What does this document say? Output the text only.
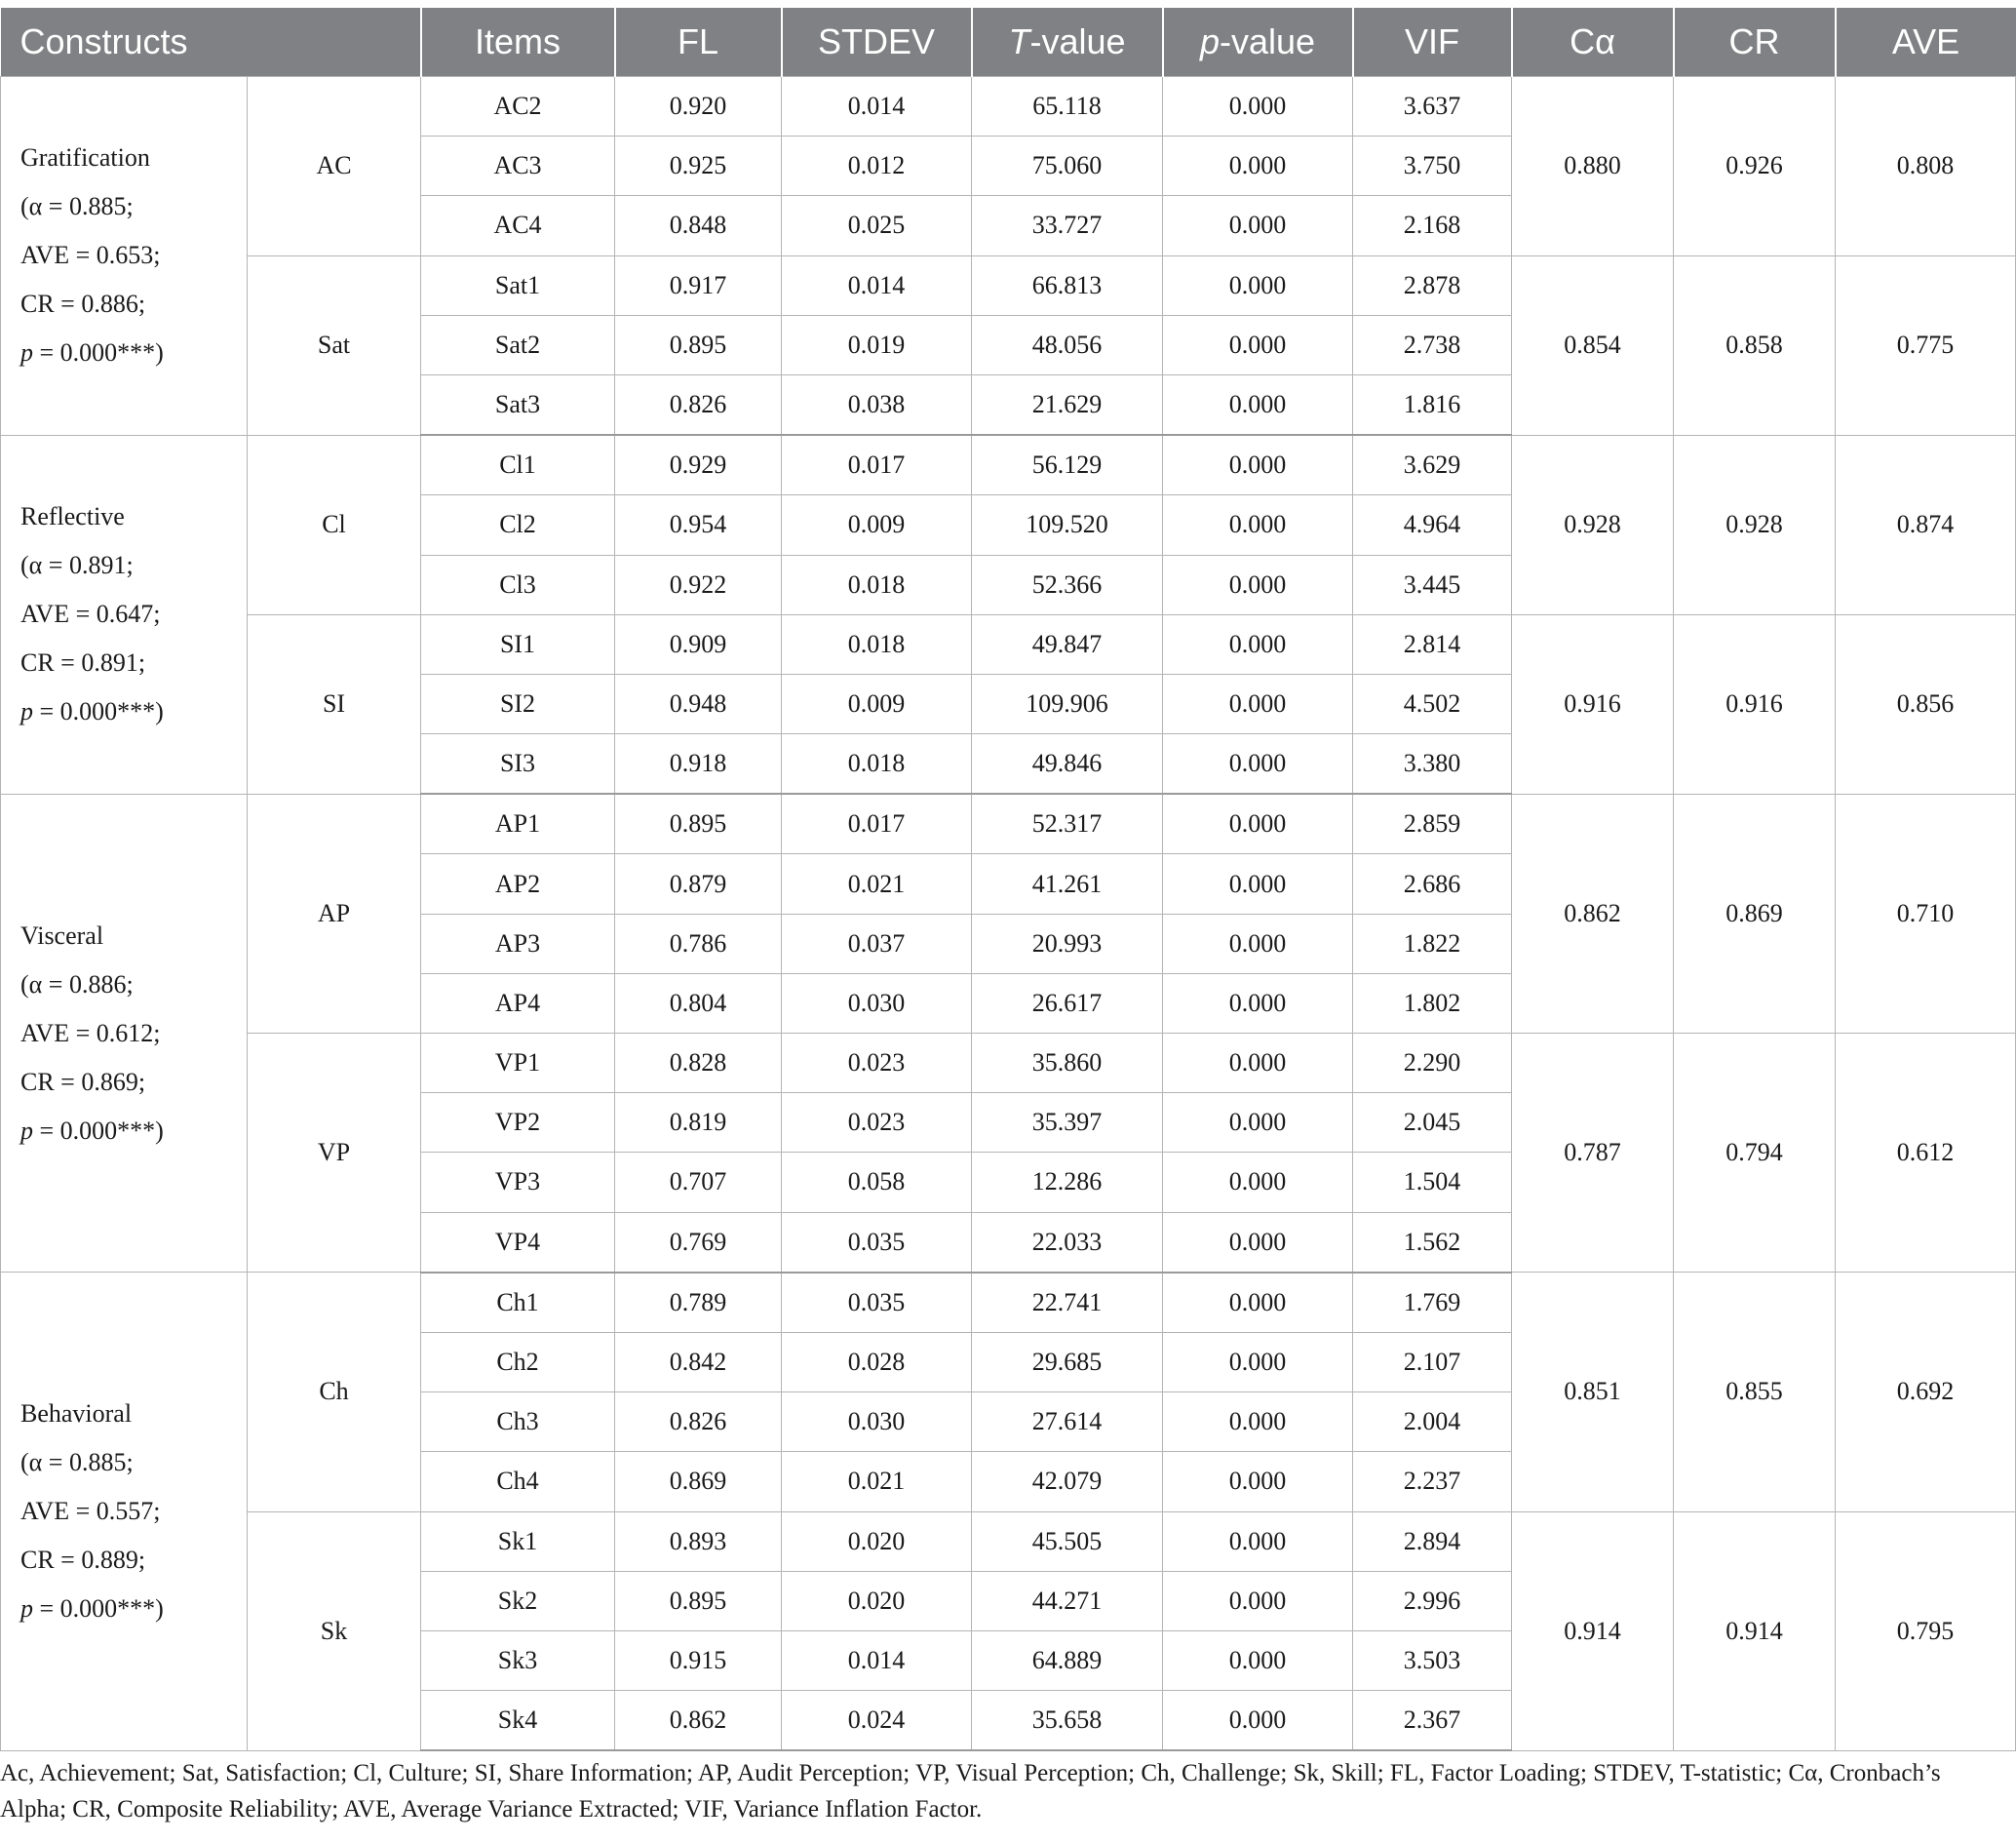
Constructs		Items	FL	STDEV	T-value	p-value	VIF	Cα	CR	AVE

Gratification
(α = 0.885;
AVE = 0.653;
CR = 0.886;
p = 0.000***)	AC	AC2	0.920	0.014	65.118	0.000	3.637	0.880	0.926	0.808
		AC3	0.925	0.012	75.060	0.000	3.750			
		AC4	0.848	0.025	33.727	0.000	2.168			
	Sat	Sat1	0.917	0.014	66.813	0.000	2.878	0.854	0.858	0.775
		Sat2	0.895	0.019	48.056	0.000	2.738			
		Sat3	0.826	0.038	21.629	0.000	1.816			

Reflective
(α = 0.891;
AVE = 0.647;
CR = 0.891;
p = 0.000***)	Cl	Cl1	0.929	0.017	56.129	0.000	3.629	0.928	0.928	0.874
		Cl2	0.954	0.009	109.520	0.000	4.964			
		Cl3	0.922	0.018	52.366	0.000	3.445			
	SI	SI1	0.909	0.018	49.847	0.000	2.814	0.916	0.916	0.856
		SI2	0.948	0.009	109.906	0.000	4.502			
		SI3	0.918	0.018	49.846	0.000	3.380			

Visceral
(α = 0.886;
AVE = 0.612;
CR = 0.869;
p = 0.000***)	AP	AP1	0.895	0.017	52.317	0.000	2.859	0.862	0.869	0.710
		AP2	0.879	0.021	41.261	0.000	2.686			
		AP3	0.786	0.037	20.993	0.000	1.822			
		AP4	0.804	0.030	26.617	0.000	1.802			
	VP	VP1	0.828	0.023	35.860	0.000	2.290	0.787	0.794	0.612
		VP2	0.819	0.023	35.397	0.000	2.045			
		VP3	0.707	0.058	12.286	0.000	1.504			
		VP4	0.769	0.035	22.033	0.000	1.562			

Behavioral
(α = 0.885;
AVE = 0.557;
CR = 0.889;
p = 0.000***)	Ch	Ch1	0.789	0.035	22.741	0.000	1.769	0.851	0.855	0.692
		Ch2	0.842	0.028	29.685	0.000	2.107			
		Ch3	0.826	0.030	27.614	0.000	2.004			
		Ch4	0.869	0.021	42.079	0.000	2.237			
	Sk	Sk1	0.893	0.020	45.505	0.000	2.894	0.914	0.914	0.795
		Sk2	0.895	0.020	44.271	0.000	2.996			
		Sk3	0.915	0.014	64.889	0.000	3.503			
		Sk4	0.862	0.024	35.658	0.000	2.367			
Ac, Achievement; Sat, Satisfaction; Cl, Culture; SI, Share Information; AP, Audit Perception; VP, Visual Perception; Ch, Challenge; Sk, Skill; FL, Factor Loading; STDEV, T-statistic; Cα, Cronbach’s Alpha; CR, Composite Reliability; AVE, Average Variance Extracted; VIF, Variance Inflation Factor.
